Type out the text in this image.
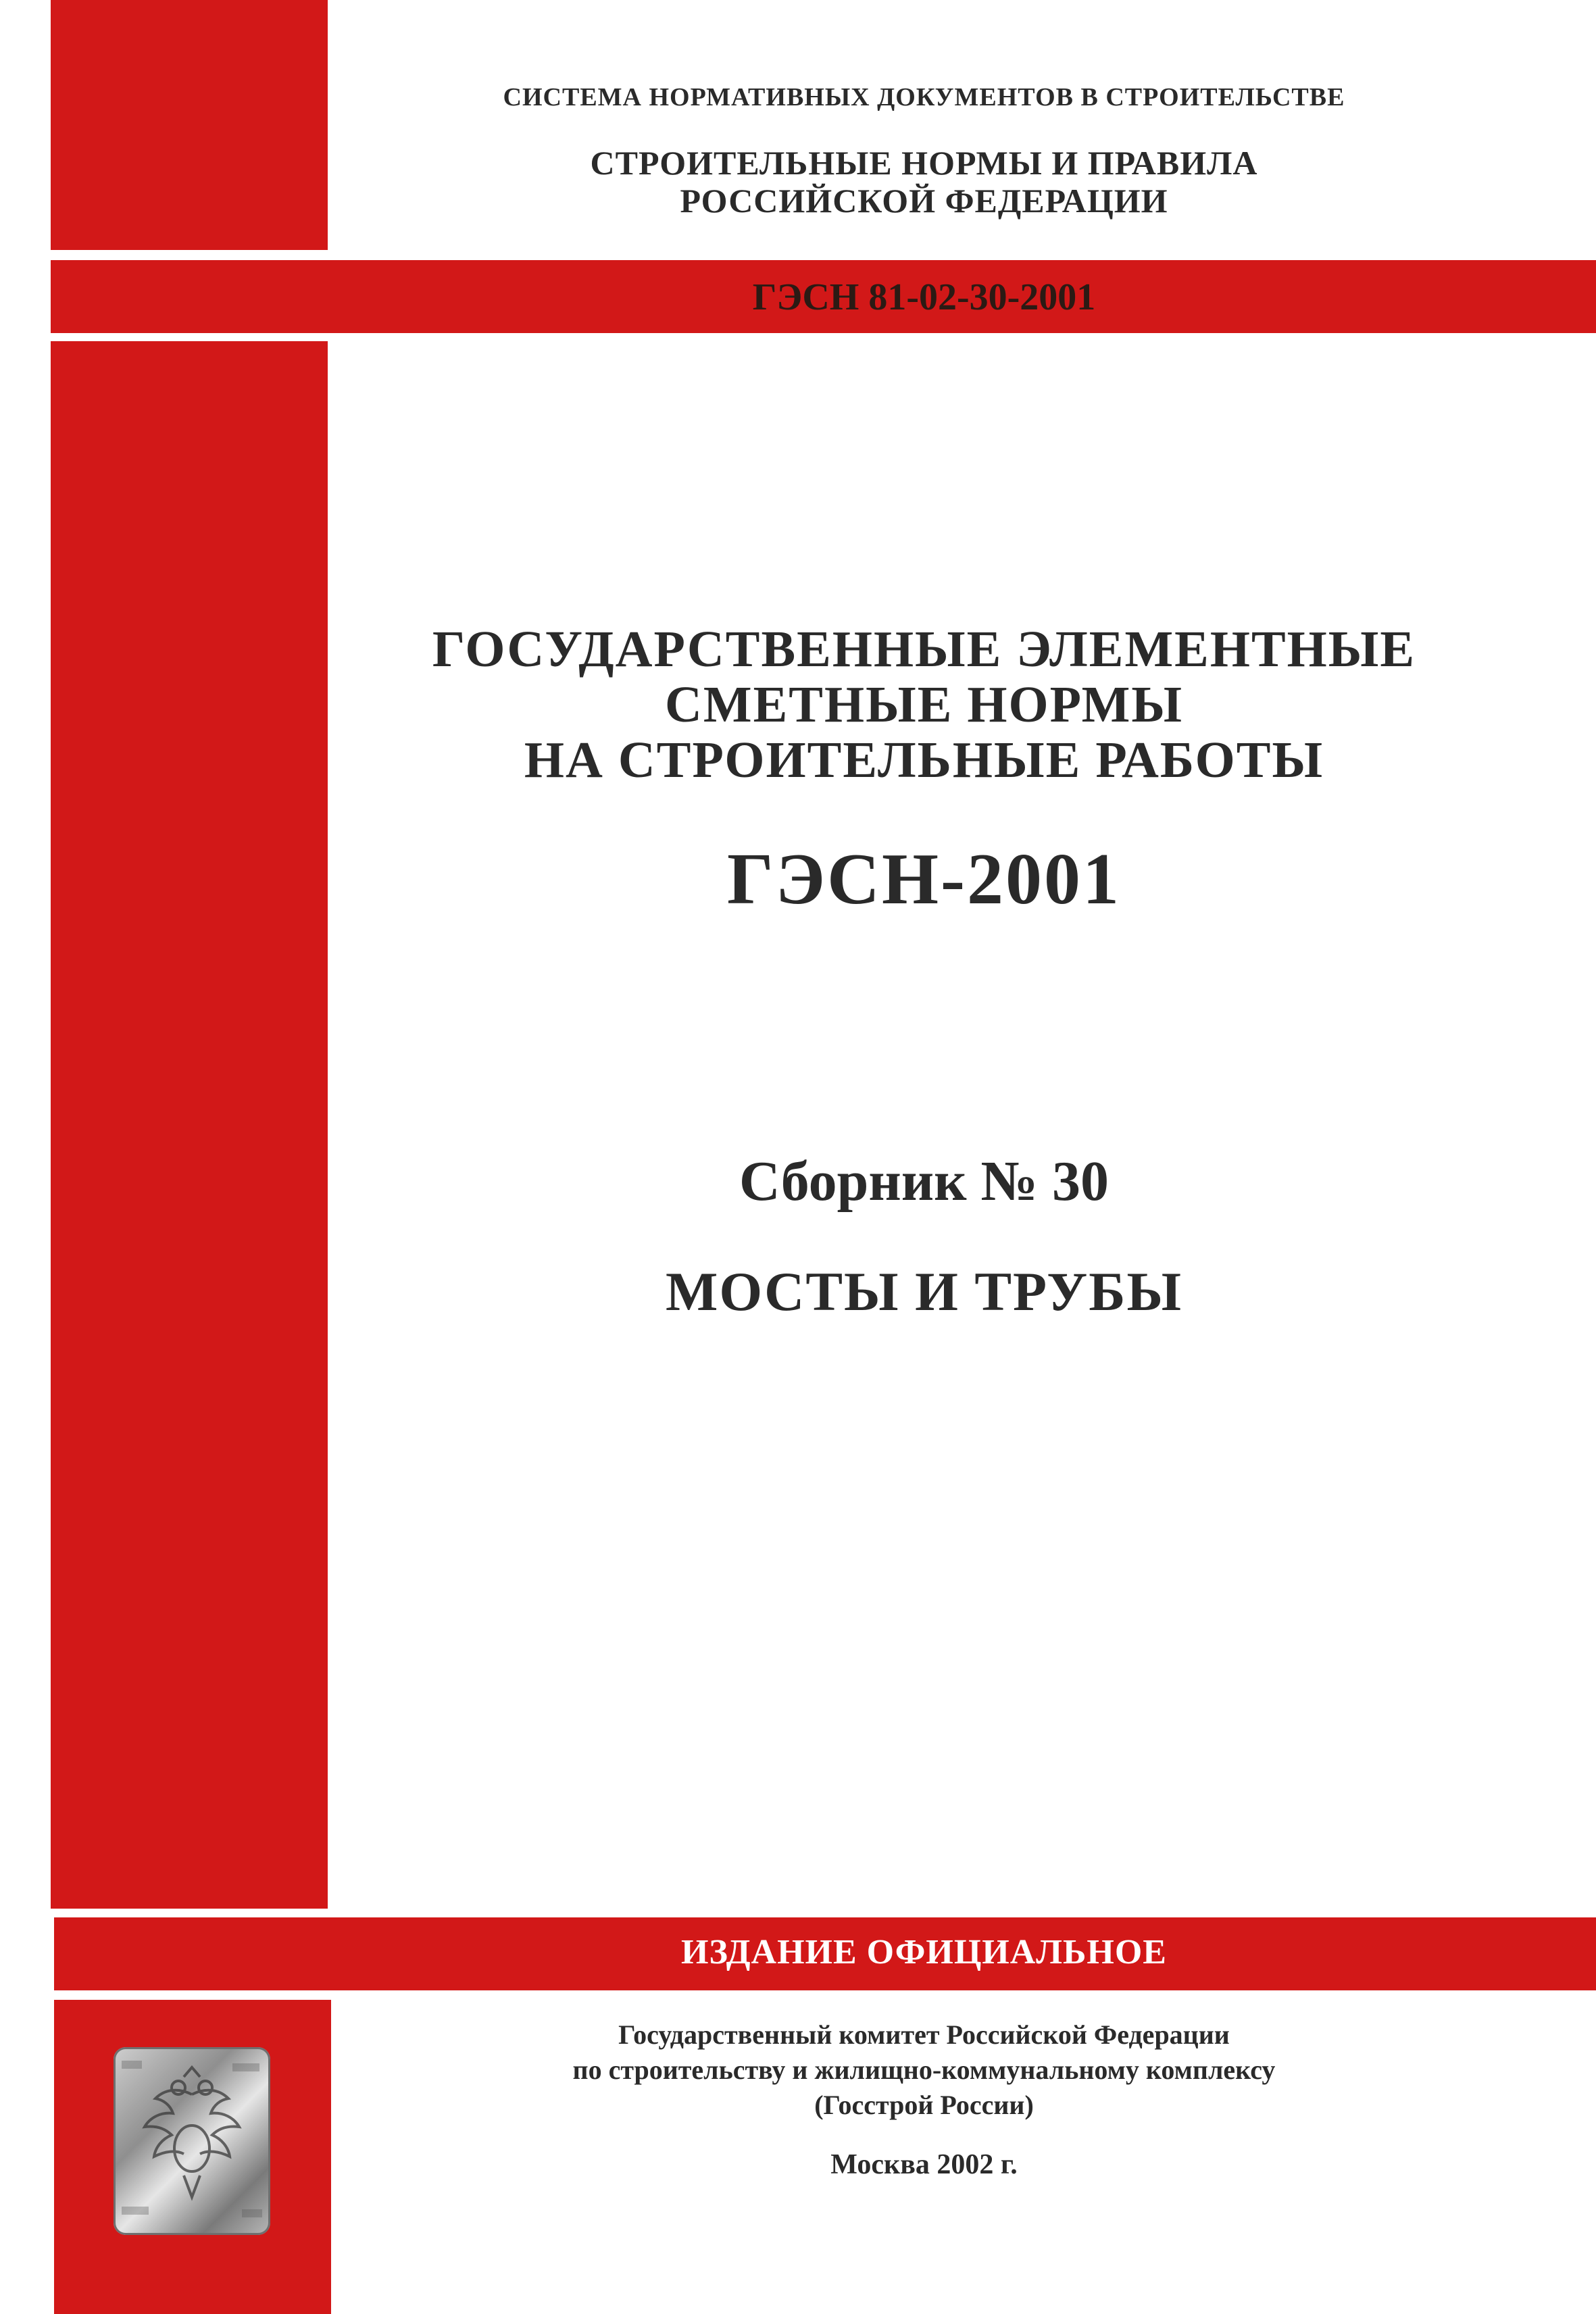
СИСТЕМА НОРМАТИВНЫХ ДОКУМЕНТОВ В СТРОИТЕЛЬСТВЕ

СТРОИТЕЛЬНЫЕ НОРМЫ И ПРАВИЛА

РОССИЙСКОЙ ФЕДЕРАЦИИ

ГЭСН 81-02-30-2001

ГОСУДАРСТВЕННЫЕ ЭЛЕМЕНТНЫЕ

СМЕТНЫЕ НОРМЫ

НА СТРОИТЕЛЬНЫЕ РАБОТЫ

ГЭСН-2001

Сборник № 30

МОСТЫ И ТРУБЫ

ИЗДАНИЕ ОФИЦИАЛЬНОЕ

Государственный комитет Российской Федерации

по строительству и жилищно-коммунальному комплексу

(Госстрой России)

Москва 2002 г.
